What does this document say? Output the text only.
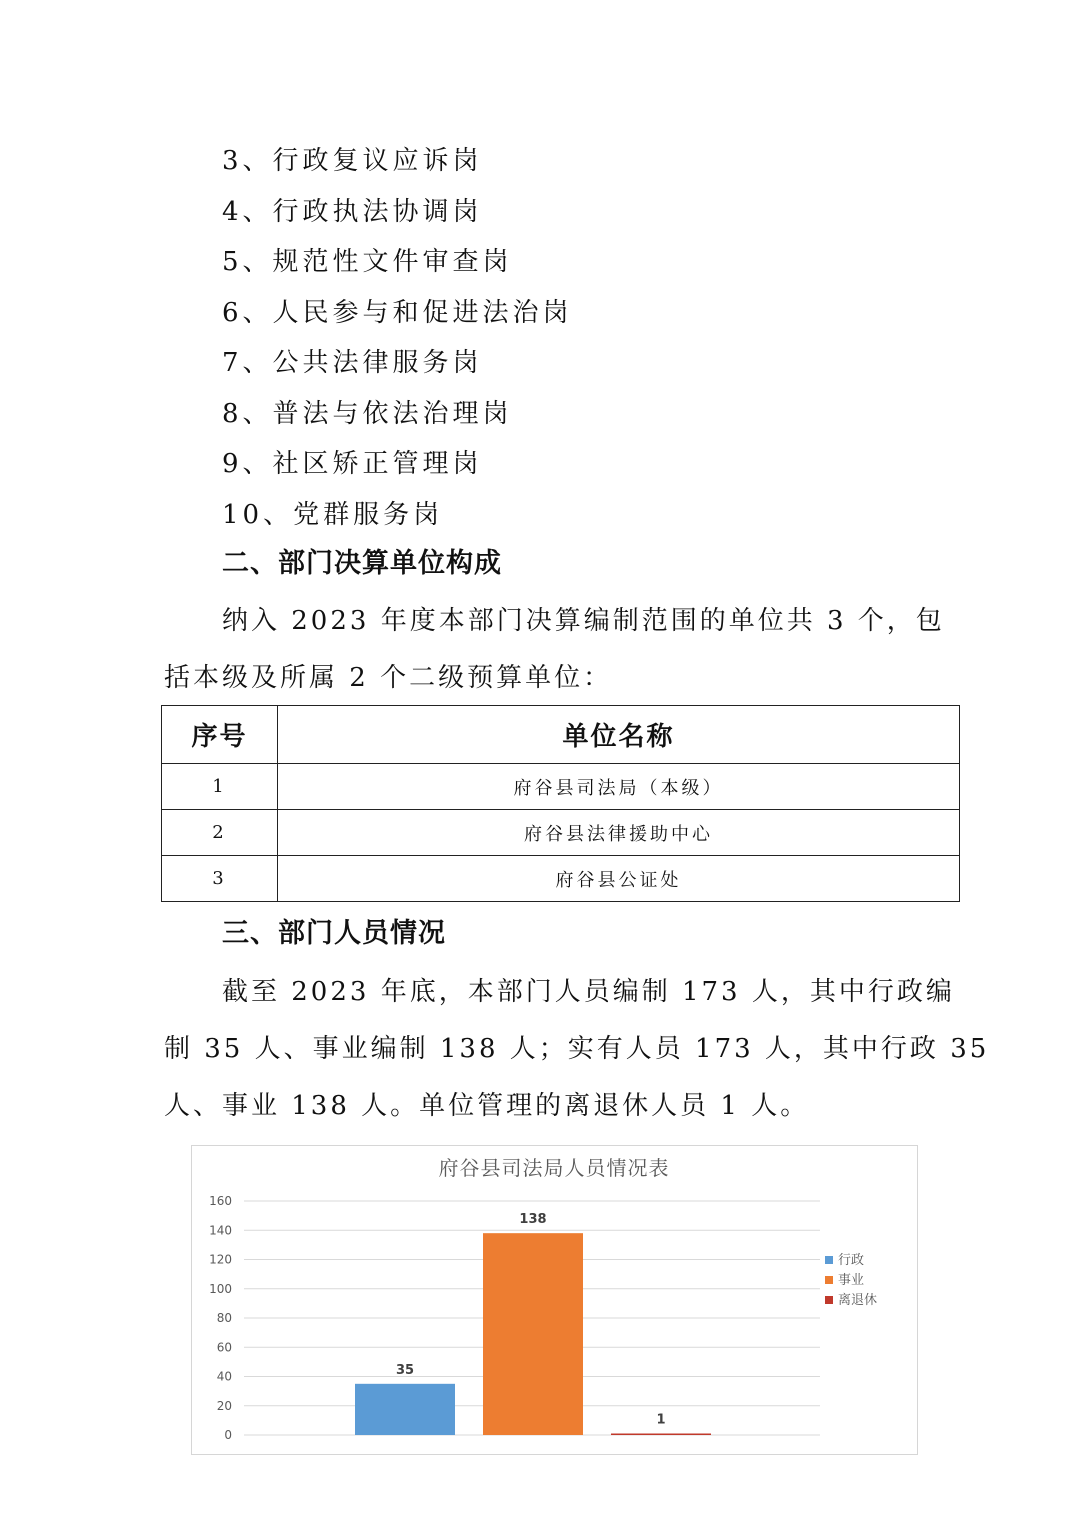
3、行政复议应诉岗
4、行政执法协调岗
5、规范性文件审查岗
6、人民参与和促进法治岗
7、公共法律服务岗
8、普法与依法治理岗
9、社区矫正管理岗
10、党群服务岗
二、部门决算单位构成
纳入 2023 年度本部门决算编制范围的单位共 3 个，包
括本级及所属 2 个二级预算单位：
序号	单位名称
1	府谷县司法局（本级）
2	府谷县法律援助中心
3	府谷县公证处
三、部门人员情况
截至 2023 年底，本部门人员编制 173 人，其中行政编
制 35 人、事业编制 138 人；实有人员 173 人，其中行政 35
人、事业 138 人。单位管理的离退休人员 1 人。
府谷县司法局人员情况表
0
20
40
60
80
100
120
140
160
35
138
1
行政
事业
离退休
